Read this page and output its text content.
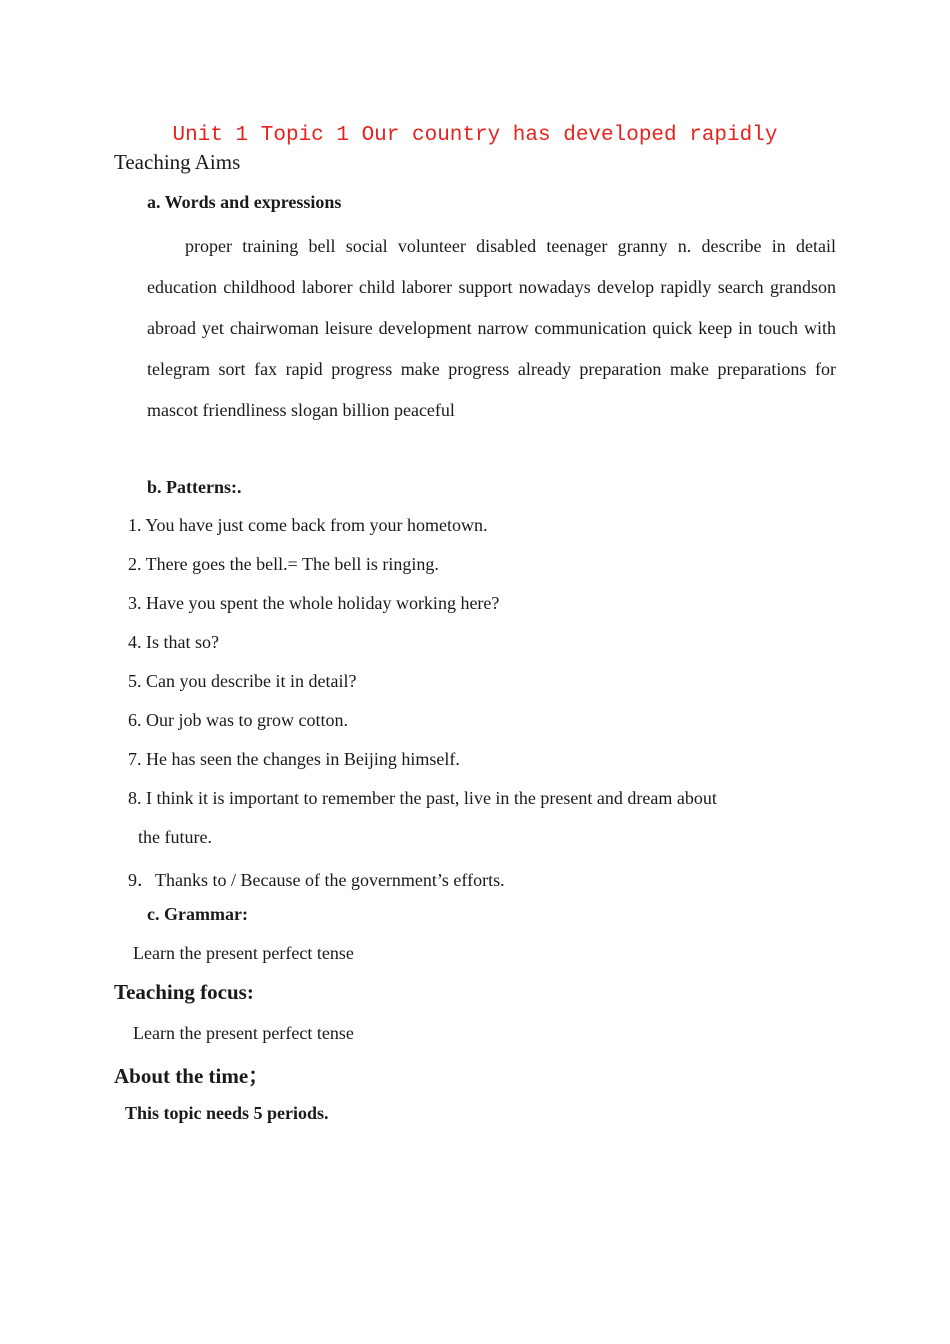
Unit 1 Topic 1 Our country has developed rapidly
Teaching Aims
a. Words and expressions

proper training bell social volunteer disabled teenager granny n. describe in detail education childhood laborer child laborer support nowadays develop rapidly search grandson abroad yet chairwoman leisure development narrow communication quick keep in touch with telegram sort fax rapid progress make progress already preparation make preparations for mascot friendliness slogan billion peaceful

b. Patterns:.
1. You have just come back from your hometown.
2. There goes the bell.= The bell is ringing.
3. Have you spent the whole holiday working here?
4. Is that so?
5. Can you describe it in detail?
6. Our job was to grow cotton.
7. He has seen the changes in Beijing himself.
8. I think it is important to remember the past, live in the present and dream about
the future.
9．Thanks to / Because of the government’s efforts.
c. Grammar:
Learn the present perfect tense
Teaching focus:
Learn the present perfect tense
About the time；
This topic needs 5 periods.
